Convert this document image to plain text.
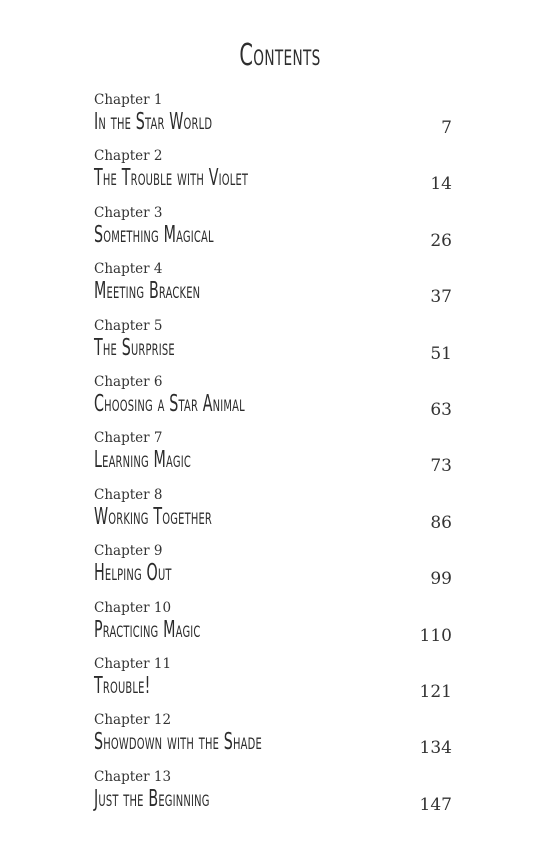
Contents
Chapter 1
In the Star World	7
Chapter 2
The Trouble with Violet	14
Chapter 3
Something Magical	26
Chapter 4
Meeting Bracken	37
Chapter 5
The Surprise	51
Chapter 6
Choosing a Star Animal	63
Chapter 7
Learning Magic	73
Chapter 8
Working Together	86
Chapter 9
Helping Out	99
Chapter 10
Practicing Magic	110
Chapter 11
Trouble!	121
Chapter 12
Showdown with the Shade	134
Chapter 13
Just the Beginning	147
